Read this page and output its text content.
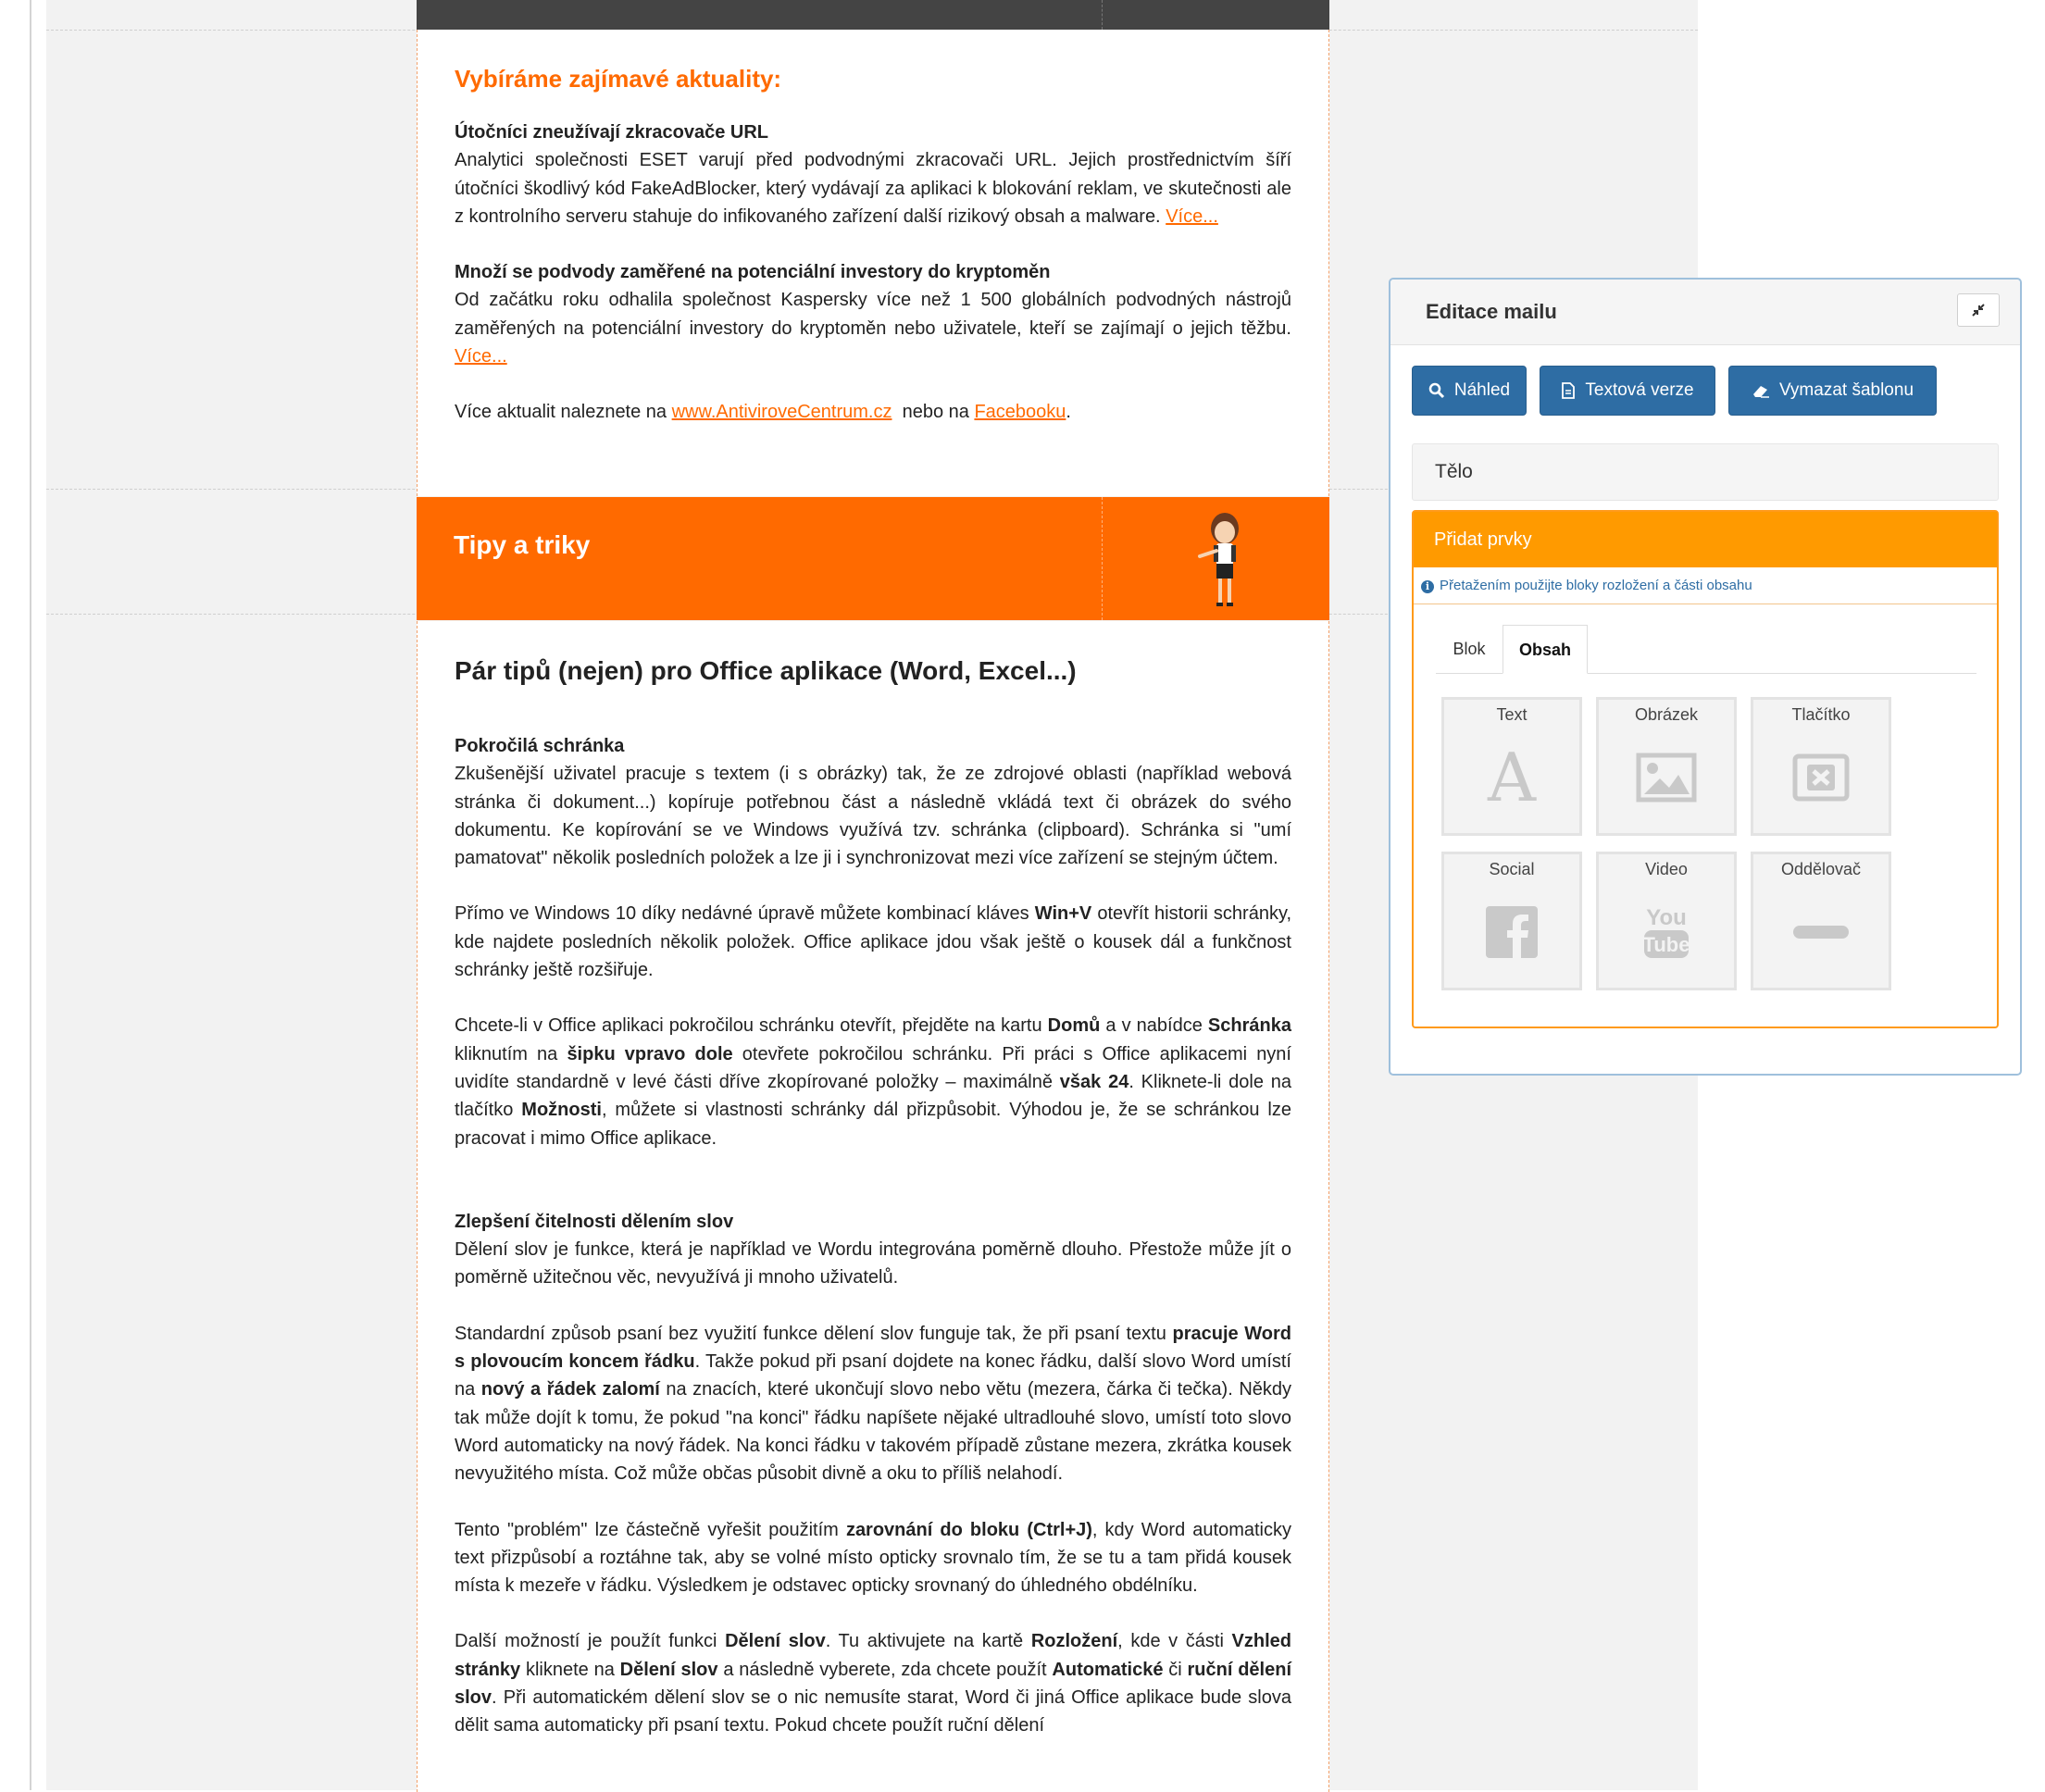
Vybíráme zajímavé aktuality:
Útočníci zneužívají zkracovače URL

Analytici společnosti ESET varují před podvodnými zkracovači URL. Jejich prostřednictvím šíří útočníci škodlivý kód FakeAdBlocker, který vydávají za aplikaci k blokování reklam, ve skutečnosti ale z kontrolního serveru stahuje do infikovaného zařízení další rizikový obsah a malware. Více...

Množí se podvody zaměřené na potenciální investory do kryptoměn

Od začátku roku odhalila společnost Kaspersky více než 1 500 globálních podvodných nástrojů zaměřených na potenciální investory do kryptoměn nebo uživatele, kteří se zajímají o jejich těžbu. Více...

Více aktualit naleznete na www.AntiviroveCentrum.cz nebo na Facebooku.

Tipy a triky
Pár tipů (nejen) pro Office aplikace (Word, Excel...)
Pokročilá schránka

Zkušenější uživatel pracuje s textem (i s obrázky) tak, že ze zdrojové oblasti (například webová stránka či dokument...) kopíruje potřebnou část a následně vkládá text či obrázek do svého dokumentu. Ke kopírování se ve Windows využívá tzv. schránka (clipboard). Schránka si "umí pamatovat" několik posledních položek a lze ji i synchronizovat mezi více zařízení se stejným účtem.

Přímo ve Windows 10 díky nedávné úpravě můžete kombinací kláves Win+V otevřít historii schránky, kde najdete posledních několik položek. Office aplikace jdou však ještě o kousek dál a funkčnost schránky ještě rozšiřuje.

Chcete-li v Office aplikaci pokročilou schránku otevřít, přejděte na kartu Domů a v nabídce Schránka kliknutím na šipku vpravo dole otevřete pokročilou schránku. Při práci s Office aplikacemi nyní uvidíte standardně v levé části dříve zkopírované položky – maximálně však 24. Kliknete-li dole na tlačítko Možnosti, můžete si vlastnosti schránky dál přizpůsobit. Výhodou je, že se schránkou lze pracovat i mimo Office aplikace.

Zlepšení čitelnosti dělením slov

Dělení slov je funkce, která je například ve Wordu integrována poměrně dlouho. Přestože může jít o poměrně užitečnou věc, nevyužívá ji mnoho uživatelů.

Standardní způsob psaní bez využití funkce dělení slov funguje tak, že při psaní textu pracuje Word s plovoucím koncem řádku. Takže pokud při psaní dojdete na konec řádku, další slovo Word umístí na nový a řádek zalomí na znacích, které ukončují slovo nebo větu (mezera, čárka či tečka). Někdy tak může dojít k tomu, že pokud "na konci" řádku napíšete nějaké ultradlouhé slovo, umístí toto slovo Word automaticky na nový řádek. Na konci řádku v takovém případě zůstane mezera, zkrátka kousek nevyužitého místa. Což může občas působit divně a oku to příliš nelahodí.

Tento "problém" lze částečně vyřešit použitím zarovnání do bloku (Ctrl+J), kdy Word automaticky text přizpůsobí a roztáhne tak, aby se volné místo opticky srovnalo tím, že se tu a tam přidá kousek místa k mezeře v řádku. Výsledkem je odstavec opticky srovnaný do úhledného obdélníku.

Další možností je použít funkci Dělení slov. Tu aktivujete na kartě Rozložení, kde v části Vzhled stránky kliknete na Dělení slov a následně vyberete, zda chcete použít Automatické či ruční dělení slov. Při automatickém dělení slov se o nic nemusíte starat, Word či jiná Office aplikace bude slova dělit sama automaticky při psaní textu. Pokud chcete použít ruční dělení

Editace mailu
Náhled	Textová verze	Vymazat šablonu
Tělo
Přidat prvky
i Přetažením použijte bloky rozložení a části obsahu
Blok	Obsah
Text
A
Obrázek	Tlačítko
Social	Video
You
Tube
Oddělovač
